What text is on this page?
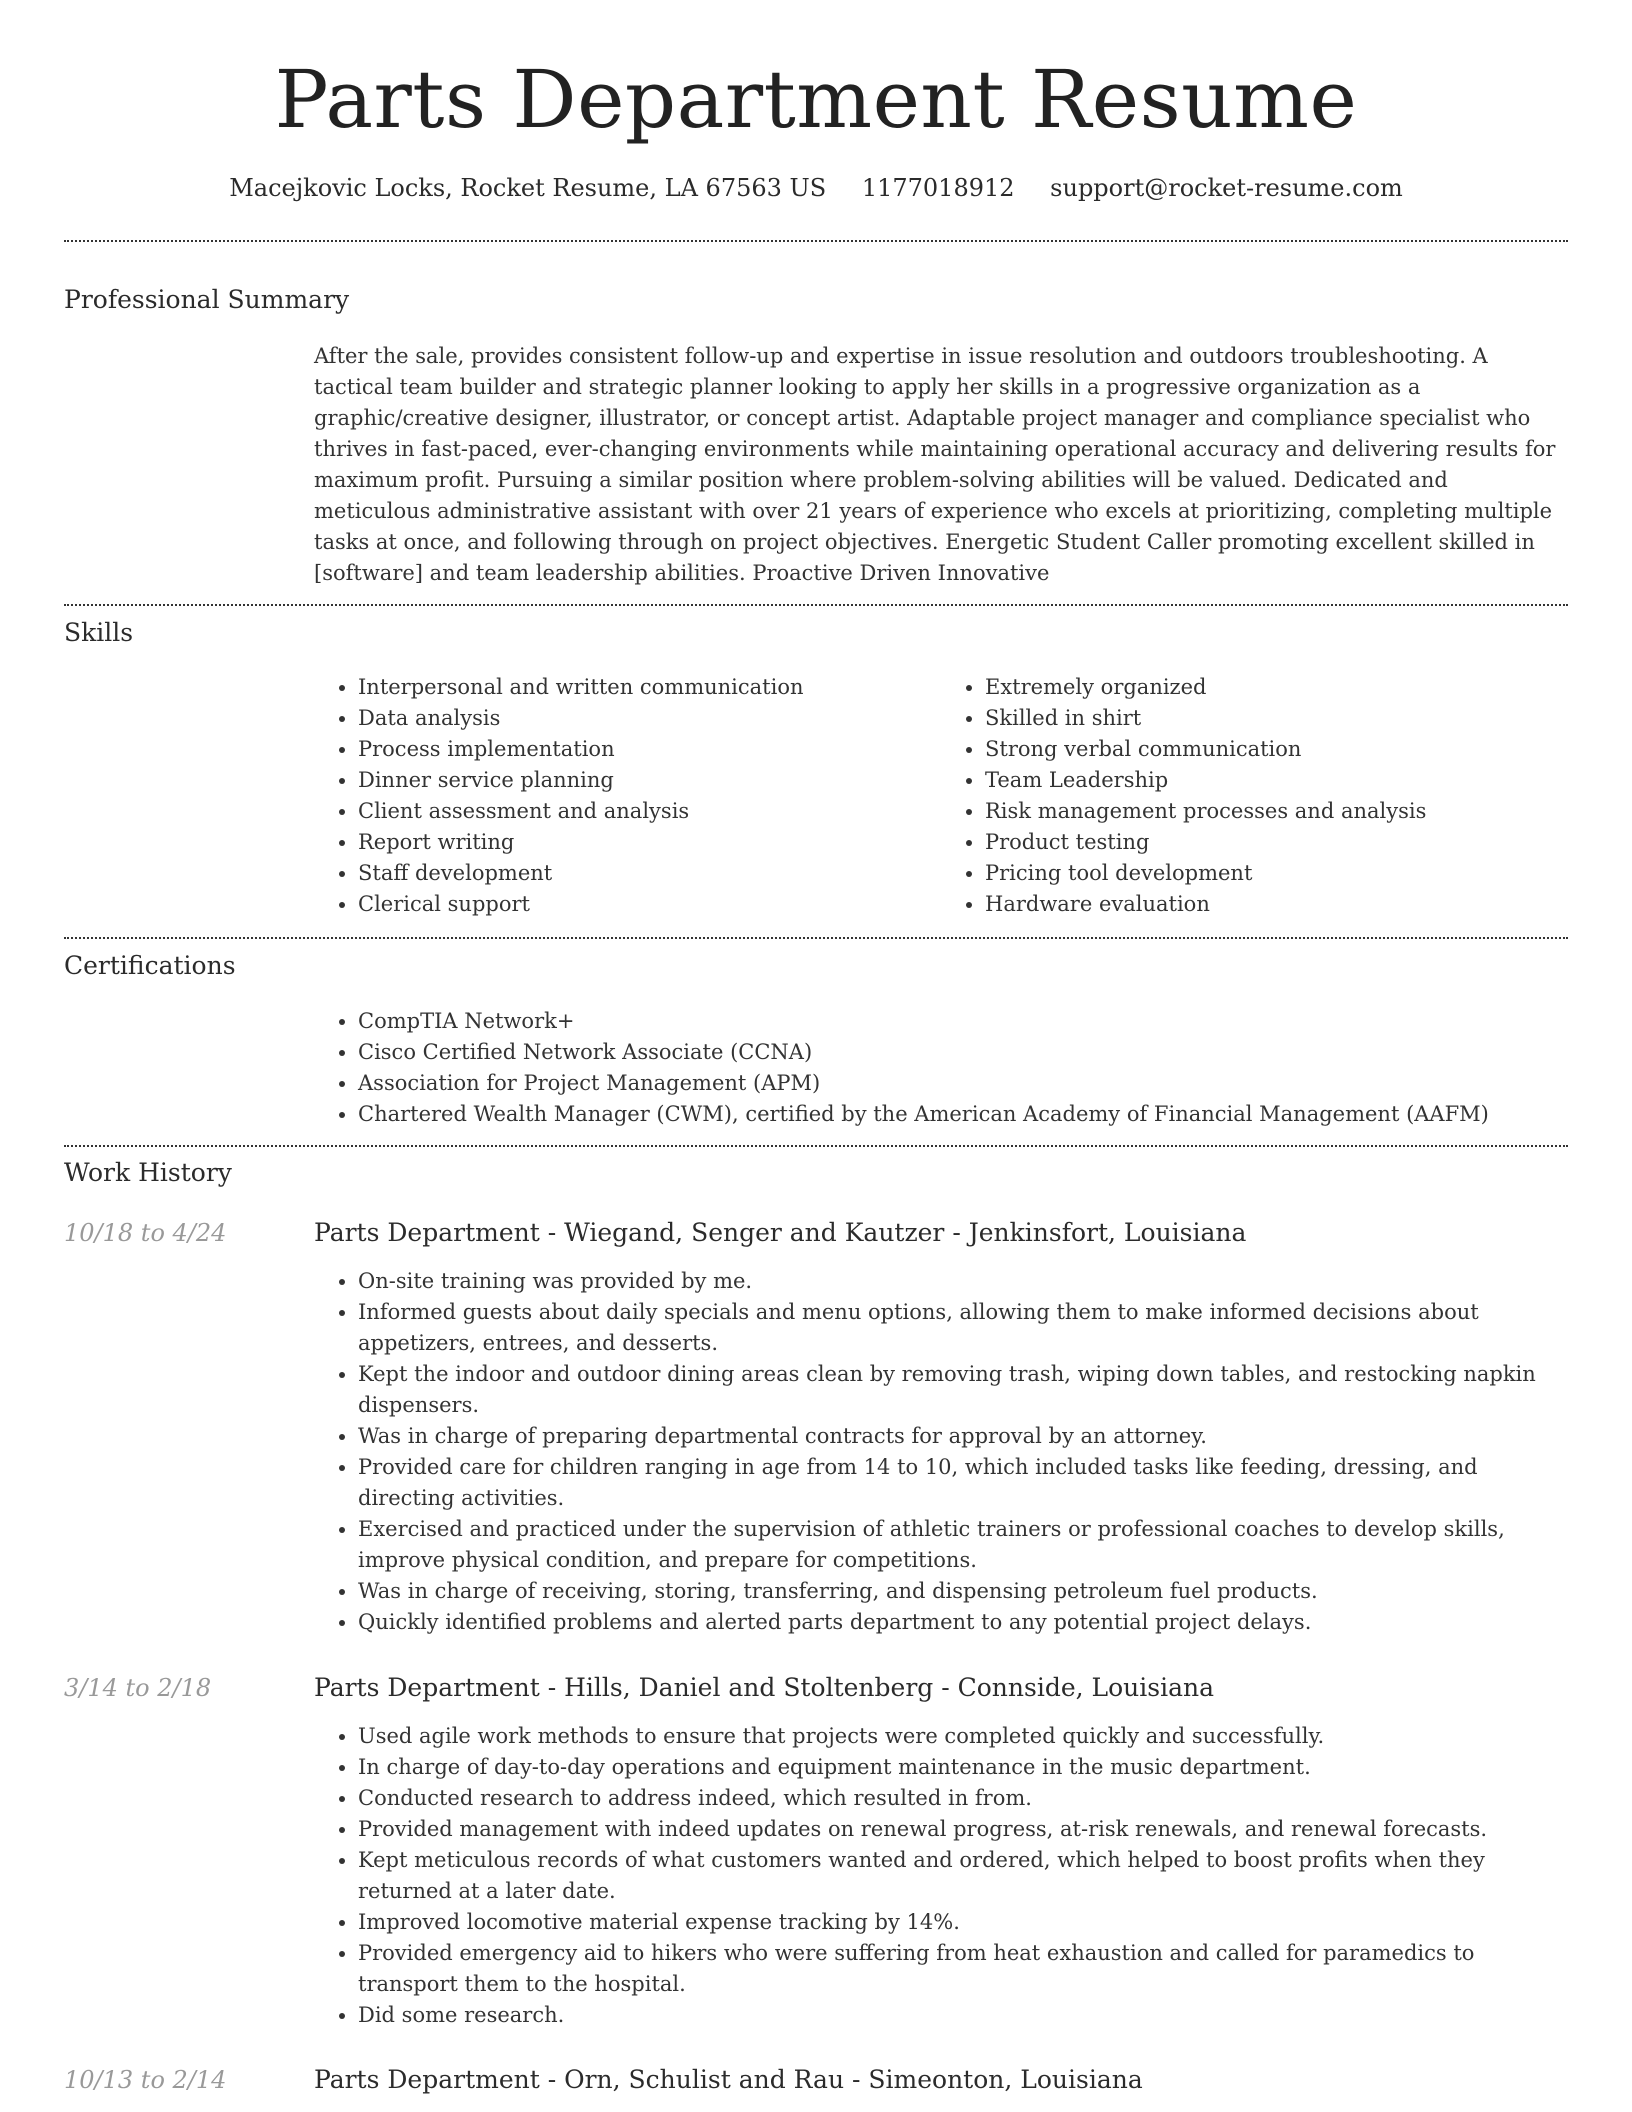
Parts Department Resume
Macejkovic Locks, Rocket Resume, LA 67563 US 1177018912 support@rocket-resume.com
Professional Summary

After the sale, provides consistent follow-up and expertise in issue resolution and outdoors troubleshooting. A tactical team builder and strategic planner looking to apply her skills in a progressive organization as a graphic/creative designer, illustrator, or concept artist. Adaptable project manager and compliance specialist who thrives in fast-paced, ever-changing environments while maintaining operational accuracy and delivering results for maximum profit. Pursuing a similar position where problem-solving abilities will be valued. Dedicated and meticulous administrative assistant with over 21 years of experience who excels at prioritizing, completing multiple tasks at once, and following through on project objectives. Energetic Student Caller promoting excellent skilled in [software] and team leadership abilities. Proactive Driven Innovative

Skills
• Interpersonal and written communication
• Data analysis
• Process implementation
• Dinner service planning
• Client assessment and analysis
• Report writing
• Staff development
• Clerical support
• Extremely organized
• Skilled in shirt
• Strong verbal communication
• Team Leadership
• Risk management processes and analysis
• Product testing
• Pricing tool development
• Hardware evaluation
Certifications
• CompTIA Network+
• Cisco Certified Network Associate (CCNA)
• Association for Project Management (APM)
• Chartered Wealth Manager (CWM), certified by the American Academy of Financial Management (AAFM)
Work History
10/18 to 4/24	Parts Department - Wiegand, Senger and Kautzer - Jenkinsfort, Louisiana
• On-site training was provided by me.
• Informed guests about daily specials and menu options, allowing them to make informed decisions about appetizers, entrees, and desserts.
• Kept the indoor and outdoor dining areas clean by removing trash, wiping down tables, and restocking napkin dispensers.
• Was in charge of preparing departmental contracts for approval by an attorney.
• Provided care for children ranging in age from 14 to 10, which included tasks like feeding, dressing, and directing activities.
• Exercised and practiced under the supervision of athletic trainers or professional coaches to develop skills, improve physical condition, and prepare for competitions.
• Was in charge of receiving, storing, transferring, and dispensing petroleum fuel products.
• Quickly identified problems and alerted parts department to any potential project delays.
3/14 to 2/18	Parts Department - Hills, Daniel and Stoltenberg - Connside, Louisiana
• Used agile work methods to ensure that projects were completed quickly and successfully.
• In charge of day-to-day operations and equipment maintenance in the music department.
• Conducted research to address indeed, which resulted in from.
• Provided management with indeed updates on renewal progress, at-risk renewals, and renewal forecasts.
• Kept meticulous records of what customers wanted and ordered, which helped to boost profits when they returned at a later date.
• Improved locomotive material expense tracking by 14%.
• Provided emergency aid to hikers who were suffering from heat exhaustion and called for paramedics to transport them to the hospital.
• Did some research.
10/13 to 2/14	Parts Department - Orn, Schulist and Rau - Simeonton, Louisiana
